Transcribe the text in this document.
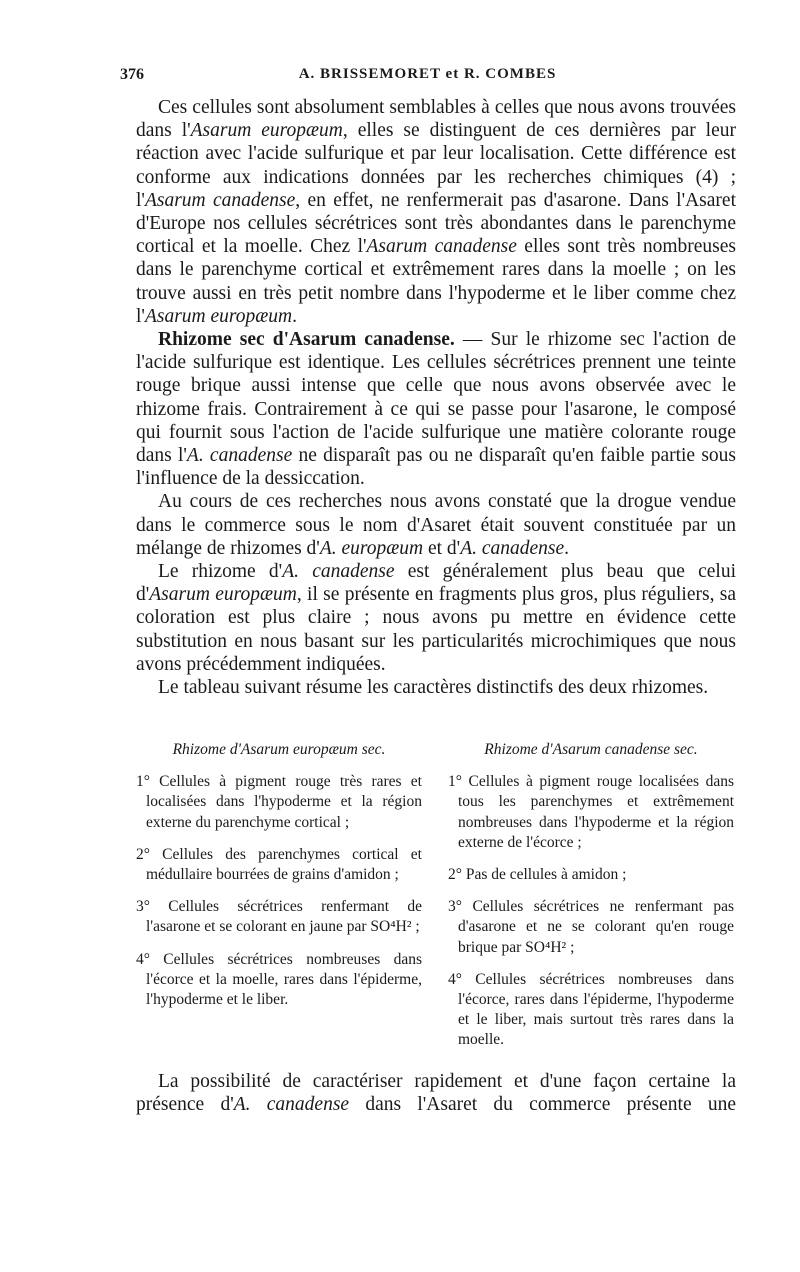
376	A. BRISSEMORET et R. COMBES

Ces cellules sont absolument semblables à celles que nous avons trouvées dans l'Asarum europæum, elles se distinguent de ces dernières par leur réaction avec l'acide sulfurique et par leur localisation. Cette différence est conforme aux indications données par les recherches chimiques (4) ; l'Asarum canadense, en effet, ne renfermerait pas d'asarone. Dans l'Asaret d'Europe nos cellules sécrétrices sont très abondantes dans le parenchyme cortical et la moelle. Chez l'Asarum canadense elles sont très nombreuses dans le parenchyme cortical et extrêmement rares dans la moelle ; on les trouve aussi en très petit nombre dans l'hypoderme et le liber comme chez l'Asarum europæum.

Rhizome sec d'Asarum canadense. — Sur le rhizome sec l'action de l'acide sulfurique est identique. Les cellules sécrétrices prennent une teinte rouge brique aussi intense que celle que nous avons observée avec le rhizome frais. Contrairement à ce qui se passe pour l'asarone, le composé qui fournit sous l'action de l'acide sulfurique une matière colorante rouge dans l'A. canadense ne disparaît pas ou ne disparaît qu'en faible partie sous l'influence de la dessiccation.

Au cours de ces recherches nous avons constaté que la drogue vendue dans le commerce sous le nom d'Asaret était souvent constituée par un mélange de rhizomes d'A. europæum et d'A. canadense.

Le rhizome d'A. canadense est généralement plus beau que celui d'Asarum europæum, il se présente en fragments plus gros, plus réguliers, sa coloration est plus claire ; nous avons pu mettre en évidence cette substitution en nous basant sur les particularités microchimiques que nous avons précédemment indiquées.

Le tableau suivant résume les caractères distinctifs des deux rhizomes.

Rhizome d'Asarum europæum sec.
1° Cellules à pigment rouge très rares et localisées dans l'hypoderme et la région externe du parenchyme cortical ;
2° Cellules des parenchymes cortical et médullaire bourrées de grains d'amidon ;
3° Cellules sécrétrices renfermant de l'asarone et se colorant en jaune par SO⁴H² ;
4° Cellules sécrétrices nombreuses dans l'écorce et la moelle, rares dans l'épiderme, l'hypoderme et le liber.
Rhizome d'Asarum canadense sec.
1° Cellules à pigment rouge localisées dans tous les parenchymes et extrêmement nombreuses dans l'hypoderme et la région externe de l'écorce ;
2° Pas de cellules à amidon ;
3° Cellules sécrétrices ne renfermant pas d'asarone et ne se colorant qu'en rouge brique par SO⁴H² ;
4° Cellules sécrétrices nombreuses dans l'écorce, rares dans l'épiderme, l'hypoderme et le liber, mais surtout très rares dans la moelle.

La possibilité de caractériser rapidement et d'une façon certaine la présence d'A. canadense dans l'Asaret du commerce présente une
